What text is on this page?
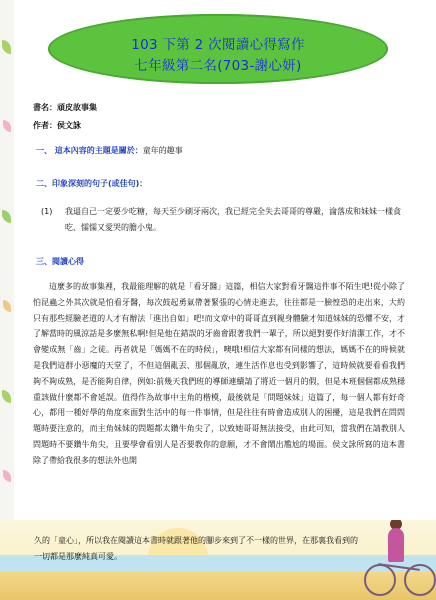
103 下第 2 次閱讀心得寫作
七年級第二名(703-謝心妍)
書名：頑皮故事集
作者：侯文詠
一、 這本內容的主題是關於：童年的趣事
二、印象深刻的句子(或佳句)：
(1)	我逼自己一定要少吃糖，每天至少刷牙兩次，我已經完全失去哥哥的尊嚴，淪落成和妹妹一樣貪吃、懦懦又愛哭的膽小鬼。
三、閱讀心得
這麼多的故事集裡，我最能理解的就是「看牙醫」這篇，相信大家對看牙醫這件事不陌生吧!從小除了怕昆蟲之外其次就是怕看牙醫，每次鼓起勇氣帶著緊張的心情走進去，往往都是一臉惶恐的走出來，大約只有那些經驗老道的人才有辦法「進出自如」吧!而文章中的哥哥直到親身體驗才知道妹妹的恐懼不安，才了解當時的風涼話是多麼無私啊!但是他在錯誤的牙齒會跟著我們一輩子，所以絕對要作好清潔工作，才不會變成無「齒」之徒。再者就是「媽媽不在的時候」，噢哦!相信大家都有同樣的想法，媽媽不在的時候就是我們這群小惡魔的天堂了，不但這個亂丟、那個亂放，連生活作息也受到影響了，這時候就要看看我們夠不夠成熟，是否能夠自律，例如:前幾天我們班的導師連續請了將近一個月的假，但是本班個個都成熟穩重該做什麼都不會延誤。值得作為故事中主角的楷模，最後就是「問題妹妹」這篇了，每一個人都有好奇心，都用一種好學的角度來面對生活中的每一件事情，但是往往有時會造成別人的困擾，這是我們在問問題時要注意的，而主角妹妹的問題都太鑽牛角尖了，以致她哥哥無法接受，由此可知，當我們在請教別人問題時不要鑽牛角尖，且要學會看別人是否要教你的意願，才不會鬧出尷尬的場面。侯文詠所寫的這本書除了帶給我很多的想法外也開
久的「童心」，所以我在閱讀這本書時就跟著他的腳步來到了不一樣的世界，在那裏我看到的
一切都是那麼純真可愛。
